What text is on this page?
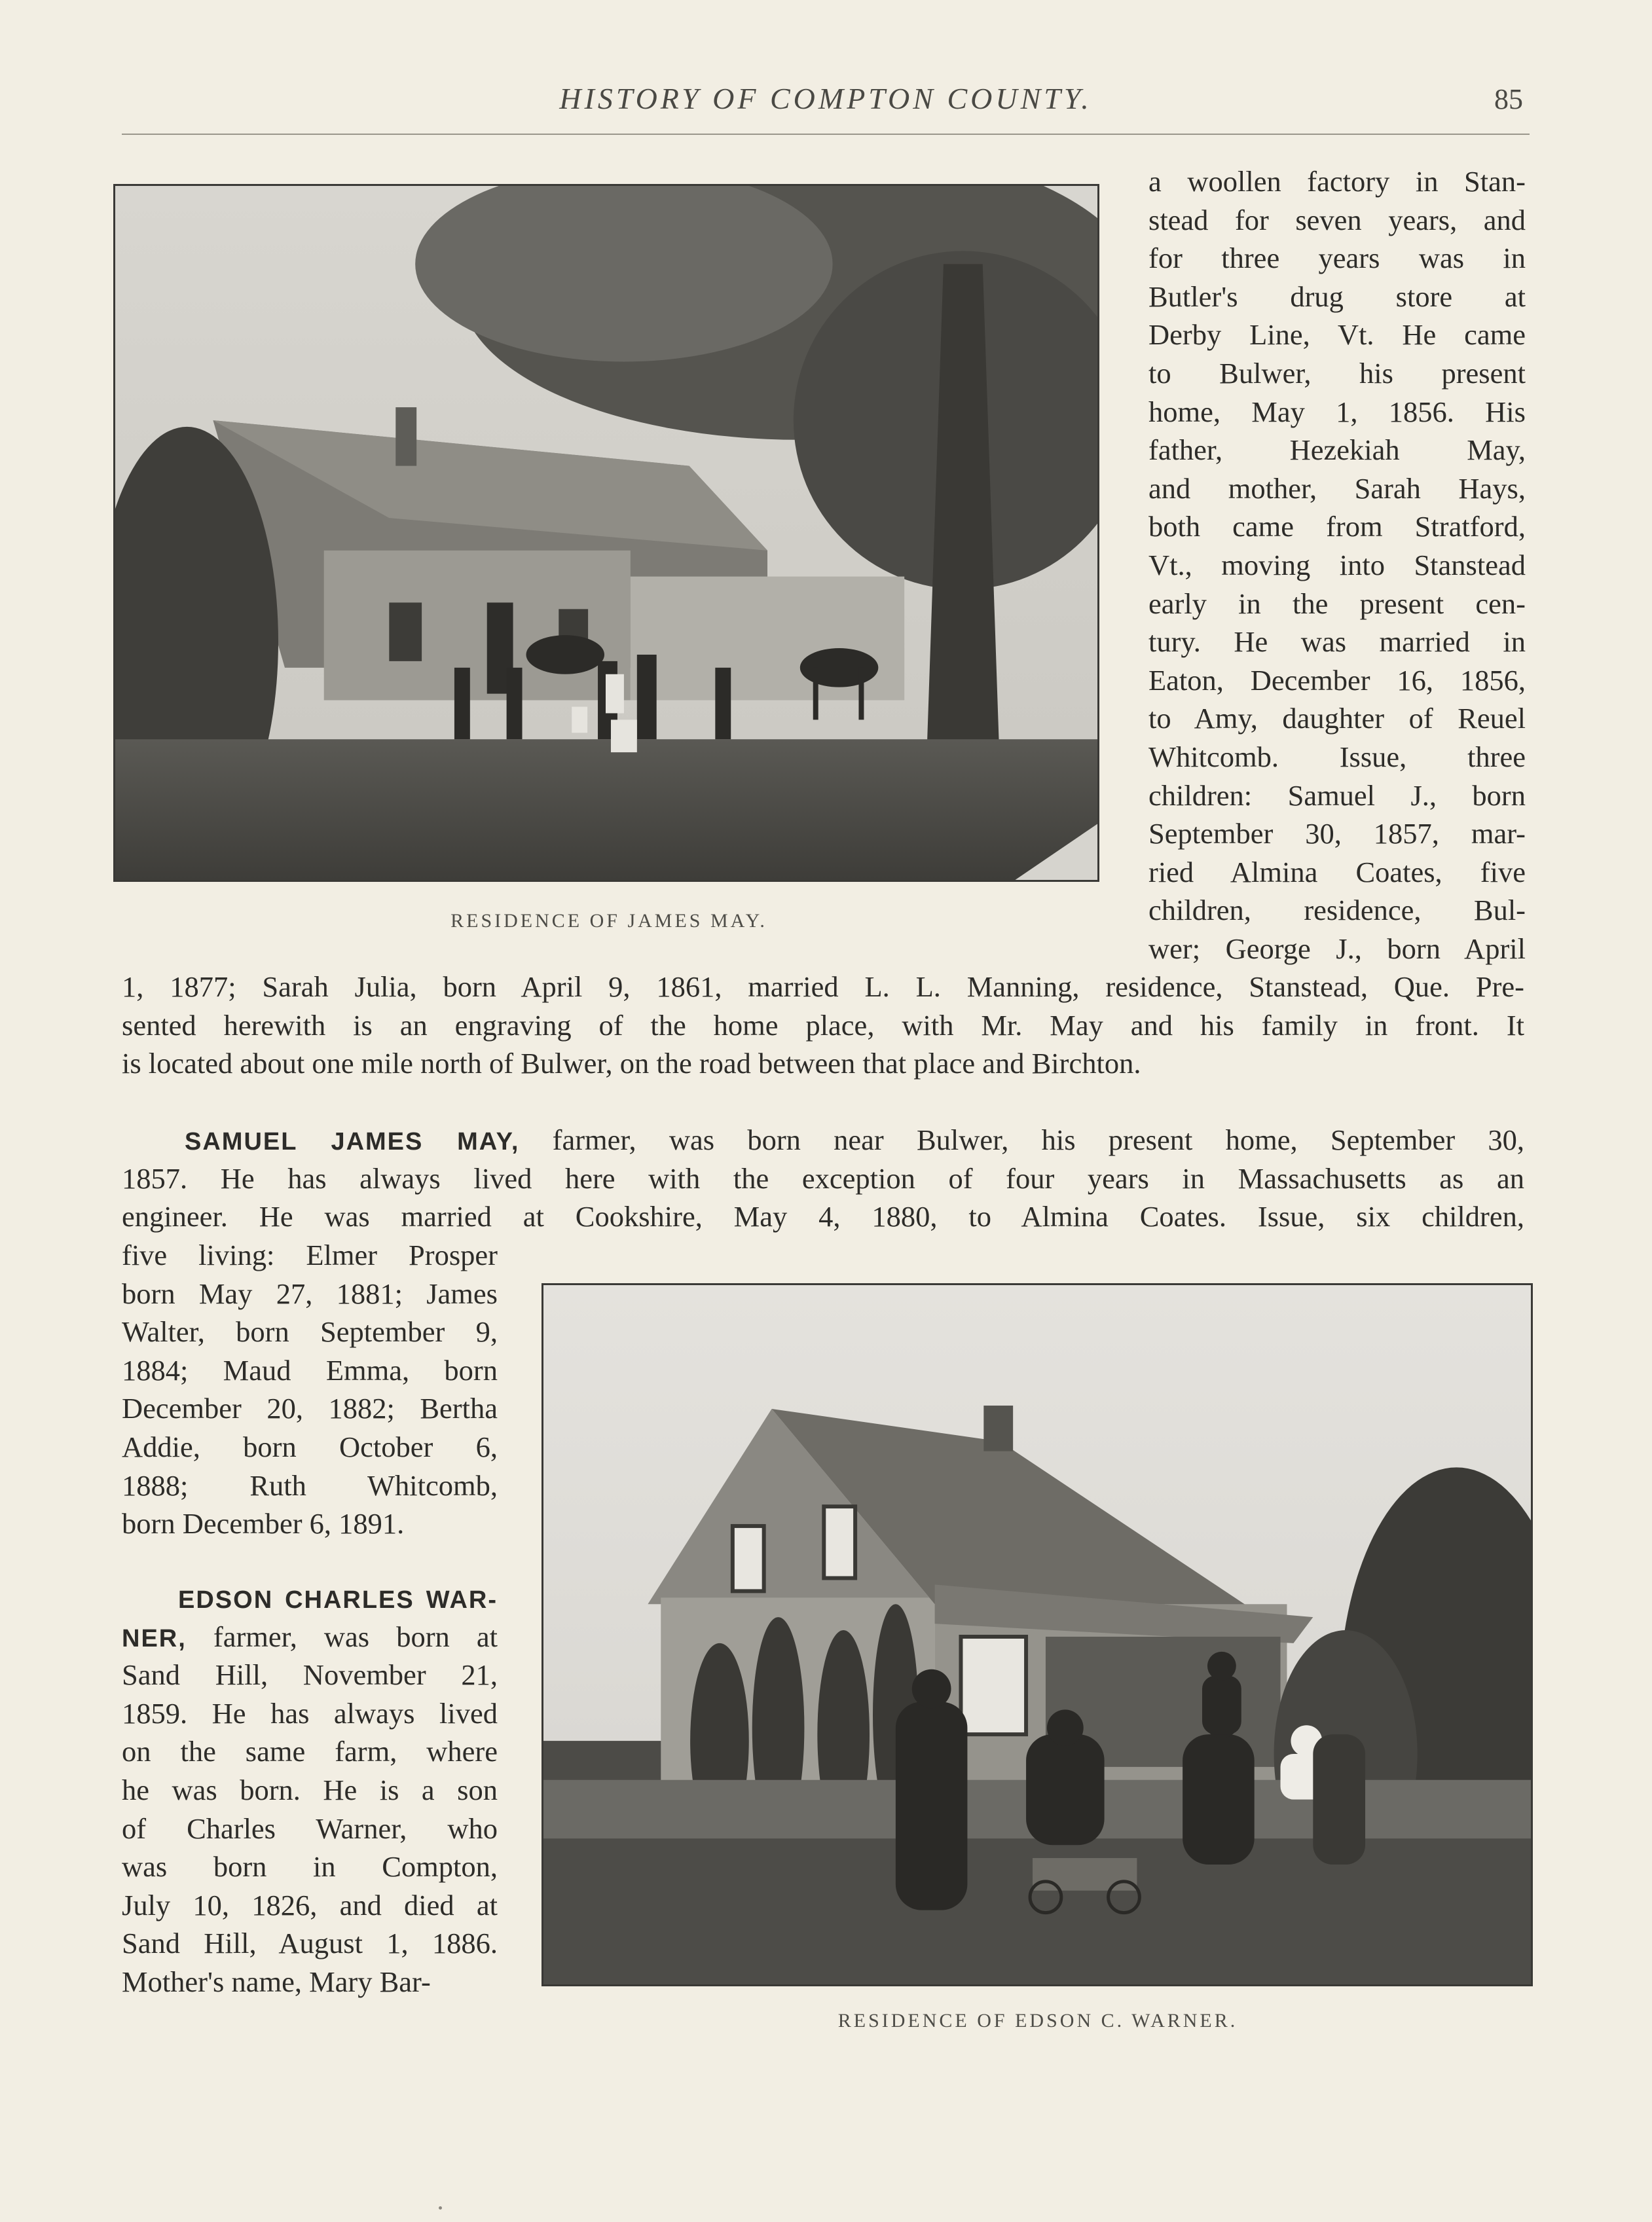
HISTORY OF COMPTON COUNTY.	85
RESIDENCE OF JAMES MAY.
a woollen factory in Stan-
stead for seven years, and
for three years was in
Butler's drug store at
Derby Line, Vt. He came
to Bulwer, his present
home, May 1, 1856. His
father, Hezekiah May,
and mother, Sarah Hays,
both came from Stratford,
Vt., moving into Stanstead
early in the present cen-
tury. He was married in
Eaton, December 16, 1856,
to Amy, daughter of Reuel
Whitcomb. Issue, three
children: Samuel J., born
September 30, 1857, mar-
ried Almina Coates, five
children, residence, Bul-
wer; George J., born April
1, 1877; Sarah Julia, born April 9, 1861, married L. L. Manning, residence, Stanstead, Que. Pre-
sented herewith is an engraving of the home place, with Mr. May and his family in front. It
is located about one mile north of Bulwer, on the road between that place and Birchton.
SAMUEL JAMES MAY, farmer, was born near Bulwer, his present home, September 30,
1857. He has always lived here with the exception of four years in Massachusetts as an
engineer. He was married at Cookshire, May 4, 1880, to Almina Coates. Issue, six children,
five living: Elmer Prosper
born May 27, 1881; James
Walter, born September 9,
1884; Maud Emma, born
December 20, 1882; Bertha
Addie, born October 6,
1888; Ruth Whitcomb,
born December 6, 1891.
EDSON CHARLES WAR-
NER, farmer, was born at
Sand Hill, November 21,
1859. He has always lived
on the same farm, where
he was born. He is a son
of Charles Warner, who
was born in Compton,
July 10, 1826, and died at
Sand Hill, August 1, 1886.
Mother's name, Mary Bar-
RESIDENCE OF EDSON C. WARNER.
